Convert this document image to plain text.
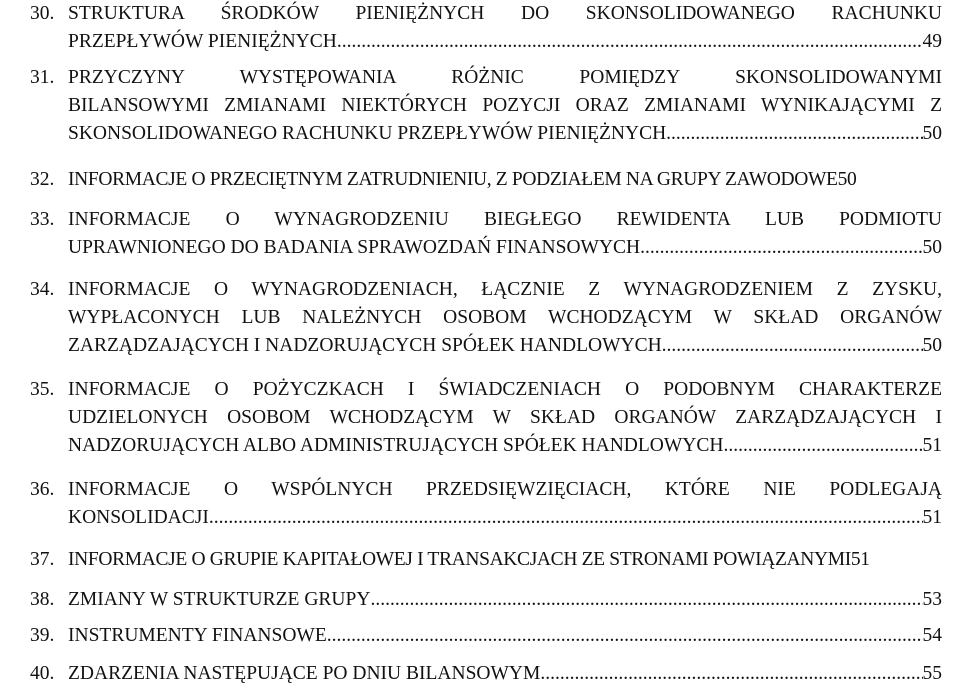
30. STRUKTURA ŚRODKÓW PIENIĘŻNYCH DO SKONSOLIDOWANEGO RACHUNKU
PRZEPŁYWÓW PIENIĘŻNYCH .....	49
31. PRZYCZYNY WYSTĘPOWANIA RÓŻNIC POMIĘDZY SKONSOLIDOWANYMI
BILANSOWYMI ZMIANAMI NIEKTÓRYCH POZYCJI ORAZ ZMIANAMI WYNIKAJĄCYMI Z
SKONSOLIDOWANEGO RACHUNKU PRZEPŁYWÓW PIENIĘŻNYCH .....	50
32. INFORMACJE O PRZECIĘTNYM ZATRUDNIENIU, Z PODZIAŁEM NA GRUPY ZAWODOWE 50
33. INFORMACJE O WYNAGRODZENIU BIEGŁEGO REWIDENTA LUB PODMIOTU
UPRAWNIONEGO DO BADANIA SPRAWOZDAŃ FINANSOWYCH .....	50
34. INFORMACJE O WYNAGRODZENIACH, ŁĄCZNIE Z WYNAGRODZENIEM Z ZYSKU,
WYPŁACONYCH LUB NALEŻNYCH OSOBOM WCHODZĄCYM W SKŁAD ORGANÓW
ZARZĄDZAJĄCYCH I NADZORUJĄCYCH SPÓŁEK HANDLOWYCH .....	50
35. INFORMACJE O POŻYCZKACH I ŚWIADCZENIACH O PODOBNYM CHARAKTERZE
UDZIELONYCH OSOBOM WCHODZĄCYM W SKŁAD ORGANÓW ZARZĄDZAJĄCYCH I
NADZORUJĄCYCH ALBO ADMINISTRUJĄCYCH SPÓŁEK HANDLOWYCH .....	51
36. INFORMACJE O WSPÓLNYCH PRZEDSIĘWZIĘCIACH, KTÓRE NIE PODLEGAJĄ
KONSOLIDACJI .....	51
37. INFORMACJE O GRUPIE KAPITAŁOWEJ I TRANSAKCJACH ZE STRONAMI POWIĄZANYMI 51
38. ZMIANY W STRUKTURZE GRUPY .....	53
39. INSTRUMENTY FINANSOWE .....	54
40. ZDARZENIA NASTĘPUJĄCE PO DNIU BILANSOWYM .....	55
